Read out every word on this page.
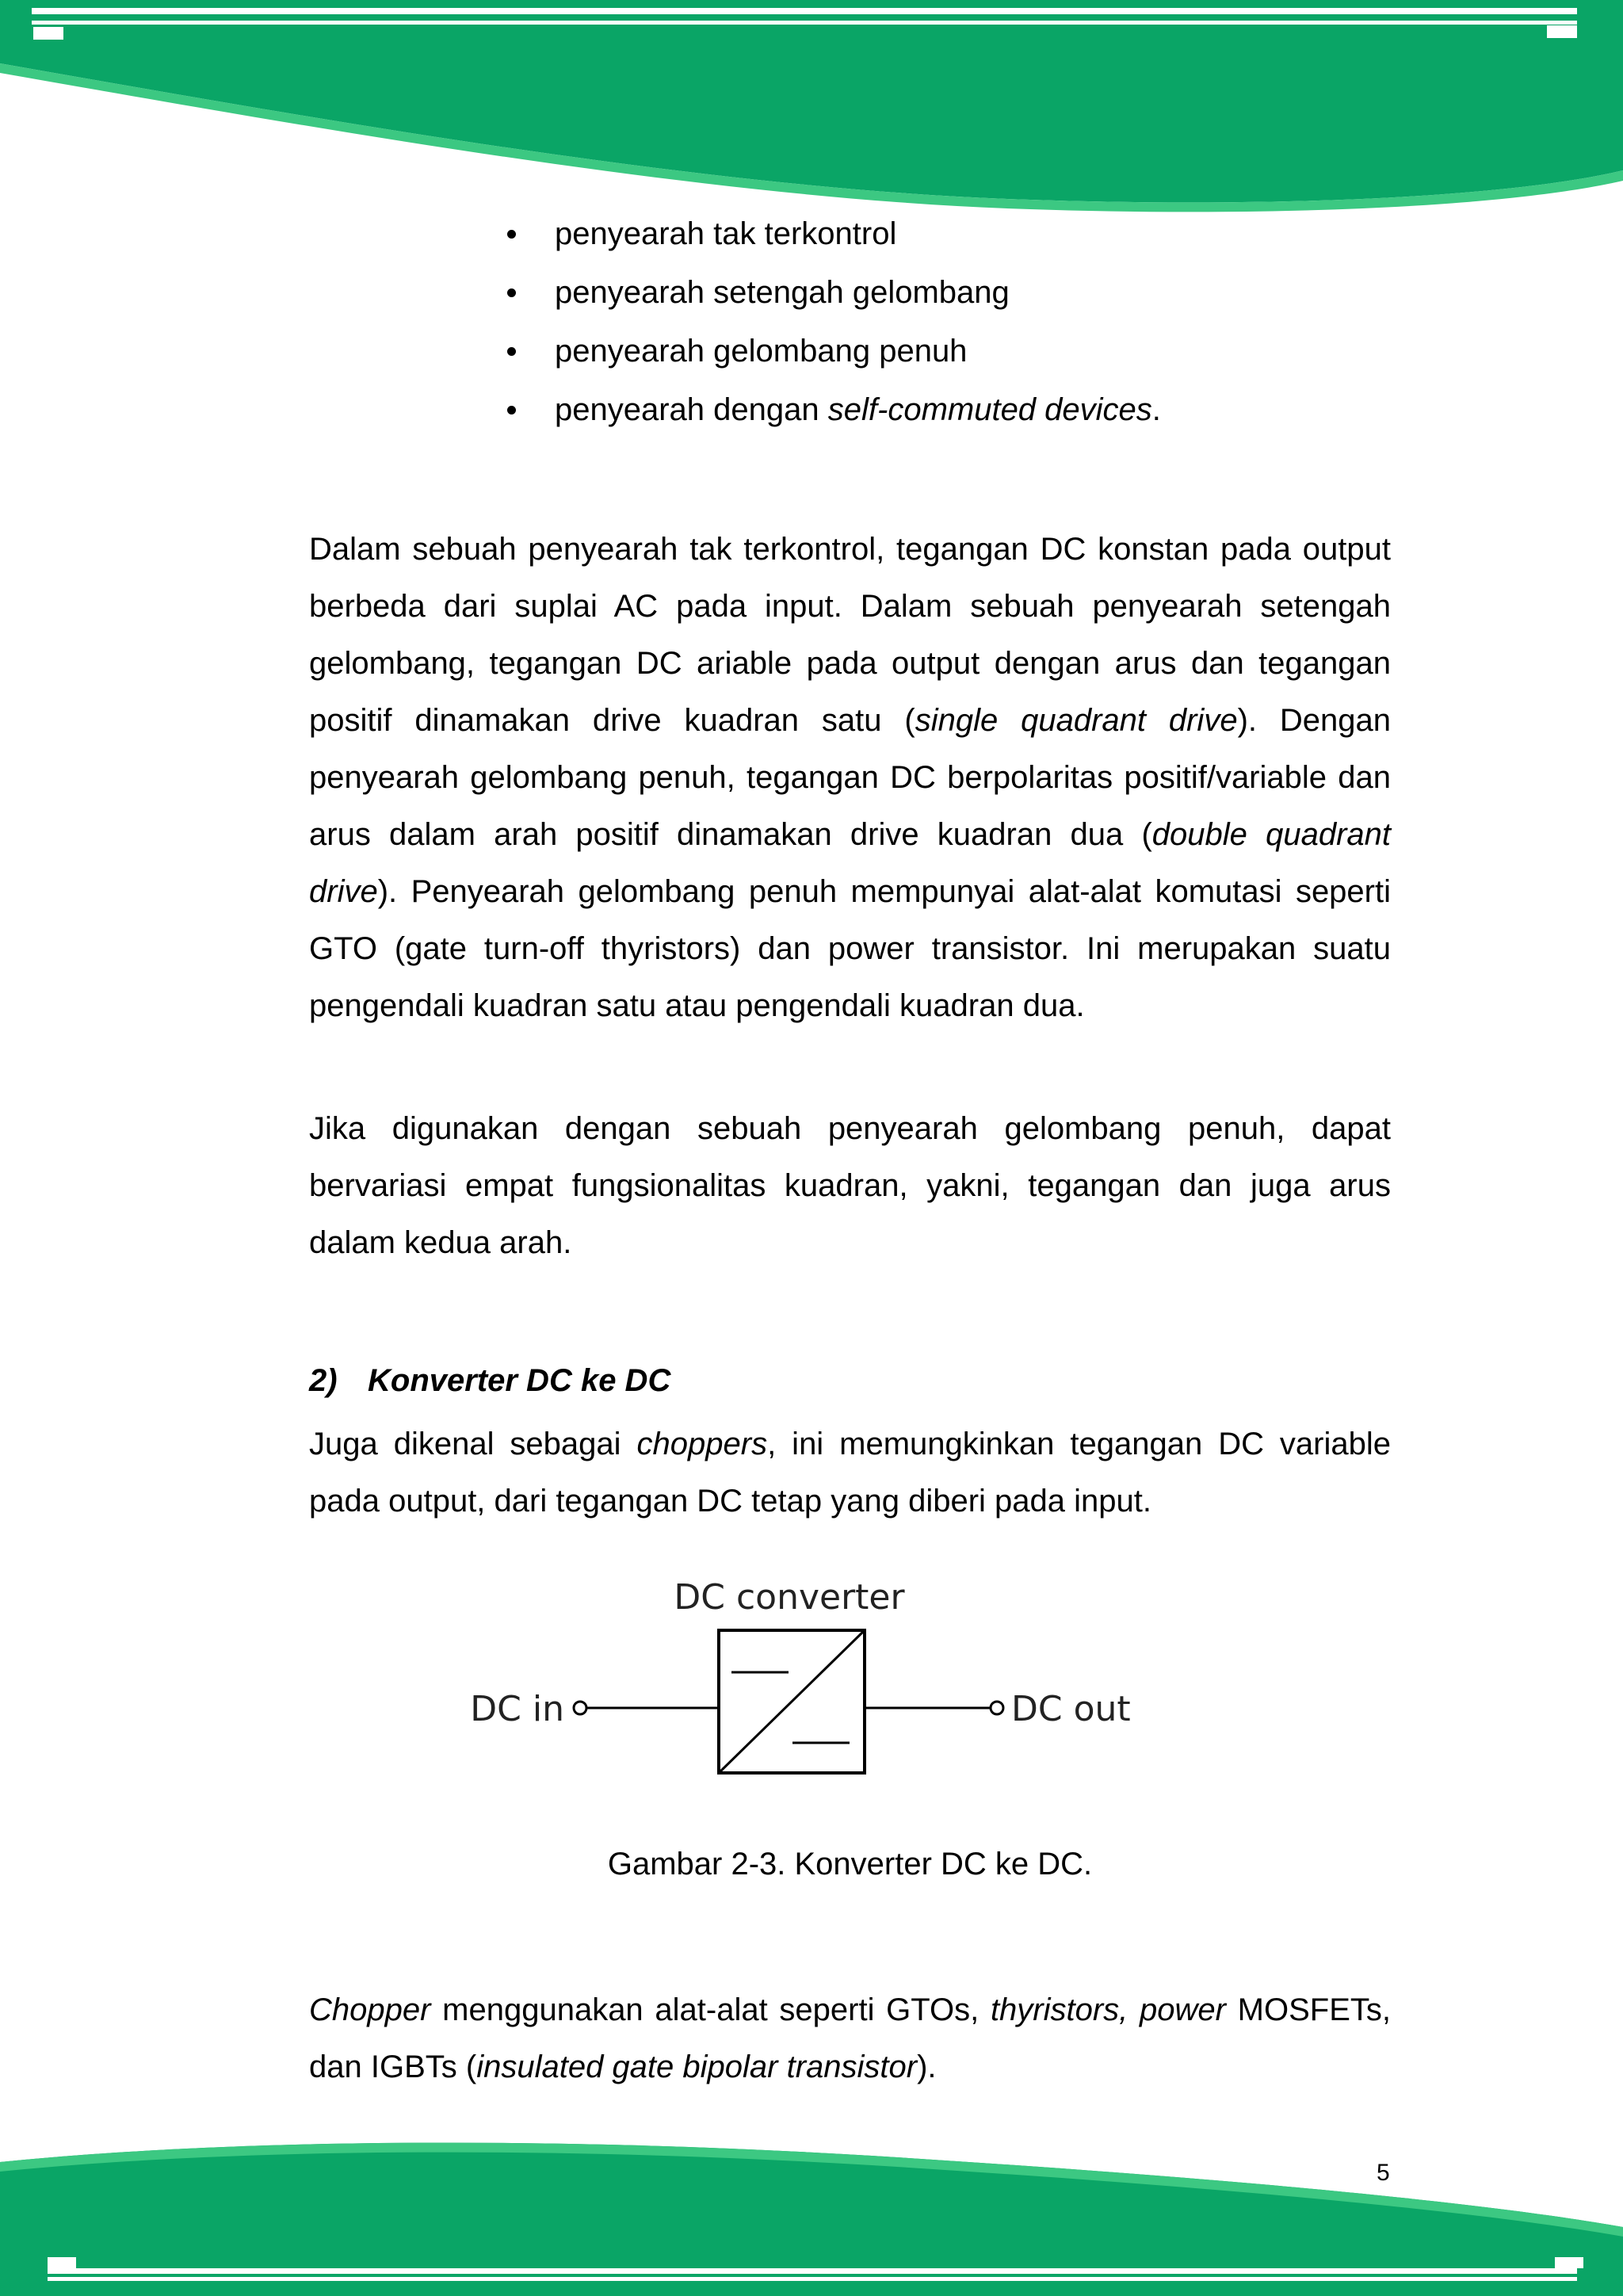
penyearah tak terkontrol
penyearah setengah gelombang
penyearah gelombang penuh
penyearah dengan self-commuted devices.

Dalam sebuah penyearah tak terkontrol, tegangan DC konstan pada output berbeda dari suplai AC pada input. Dalam sebuah penyearah setengah gelombang, tegangan DC ariable pada output dengan arus dan tegangan positif dinamakan drive kuadran satu (single quadrant drive). Dengan penyearah gelombang penuh, tegangan DC berpolaritas positif/variable dan arus dalam arah positif dinamakan drive kuadran dua (double quadrant drive). Penyearah gelombang penuh mempunyai alat-alat komutasi seperti GTO (gate turn-off thyristors) dan power transistor. Ini merupakan suatu pengendali kuadran satu atau pengendali kuadran dua.

Jika digunakan dengan sebuah penyearah gelombang penuh, dapat bervariasi empat fungsionalitas kuadran, yakni, tegangan dan juga arus dalam kedua arah.

2) Konverter DC ke DC

Juga dikenal sebagai choppers, ini memungkinkan tegangan DC variable pada output, dari tegangan DC tetap yang diberi pada input.

DC converter
DC in	DC out

Gambar 2-3. Konverter DC ke DC.

Chopper menggunakan alat-alat seperti GTOs, thyristors, power MOSFETs, dan IGBTs (insulated gate bipolar transistor).

5
